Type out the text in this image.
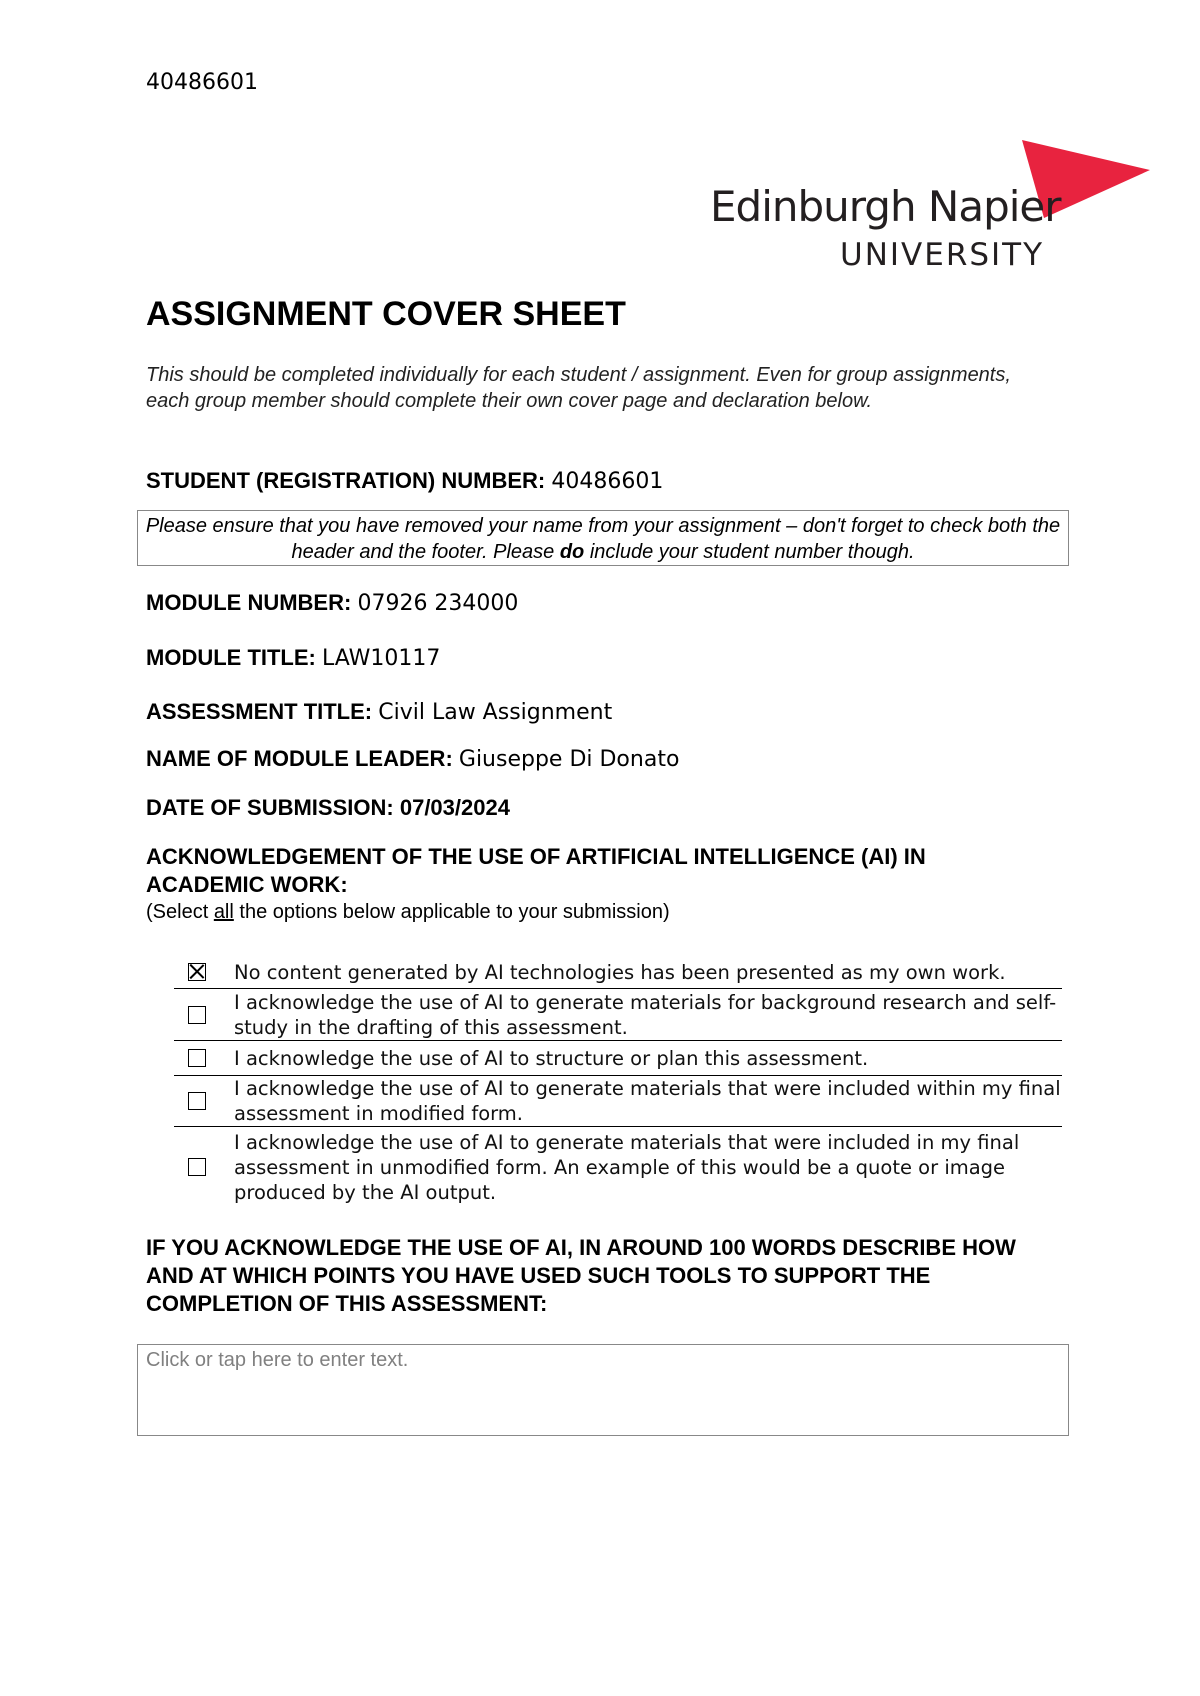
40486601
Edinburgh Napier
UNIVERSITY
ASSIGNMENT COVER SHEET
This should be completed individually for each student / assignment. Even for group assignments, each group member should complete their own cover page and declaration below.
STUDENT (REGISTRATION) NUMBER: 40486601
Please ensure that you have removed your name from your assignment – don't forget to check both the header and the footer. Please do include your student number though.
MODULE NUMBER: 07926 234000
MODULE TITLE: LAW10117
ASSESSMENT TITLE: Civil Law Assignment
NAME OF MODULE LEADER: Giuseppe Di Donato
DATE OF SUBMISSION: 07/03/2024
ACKNOWLEDGEMENT OF THE USE OF ARTIFICIAL INTELLIGENCE (AI) IN ACADEMIC WORK:
(Select all the options below applicable to your submission)
No content generated by AI technologies has been presented as my own work.
I acknowledge the use of AI to generate materials for background research and self-study in the drafting of this assessment.
I acknowledge the use of AI to structure or plan this assessment.
I acknowledge the use of AI to generate materials that were included within my final assessment in modified form.
I acknowledge the use of AI to generate materials that were included in my final assessment in unmodified form. An example of this would be a quote or image produced by the AI output.
IF YOU ACKNOWLEDGE THE USE OF AI, IN AROUND 100 WORDS DESCRIBE HOW AND AT WHICH POINTS YOU HAVE USED SUCH TOOLS TO SUPPORT THE COMPLETION OF THIS ASSESSMENT:
Click or tap here to enter text.
